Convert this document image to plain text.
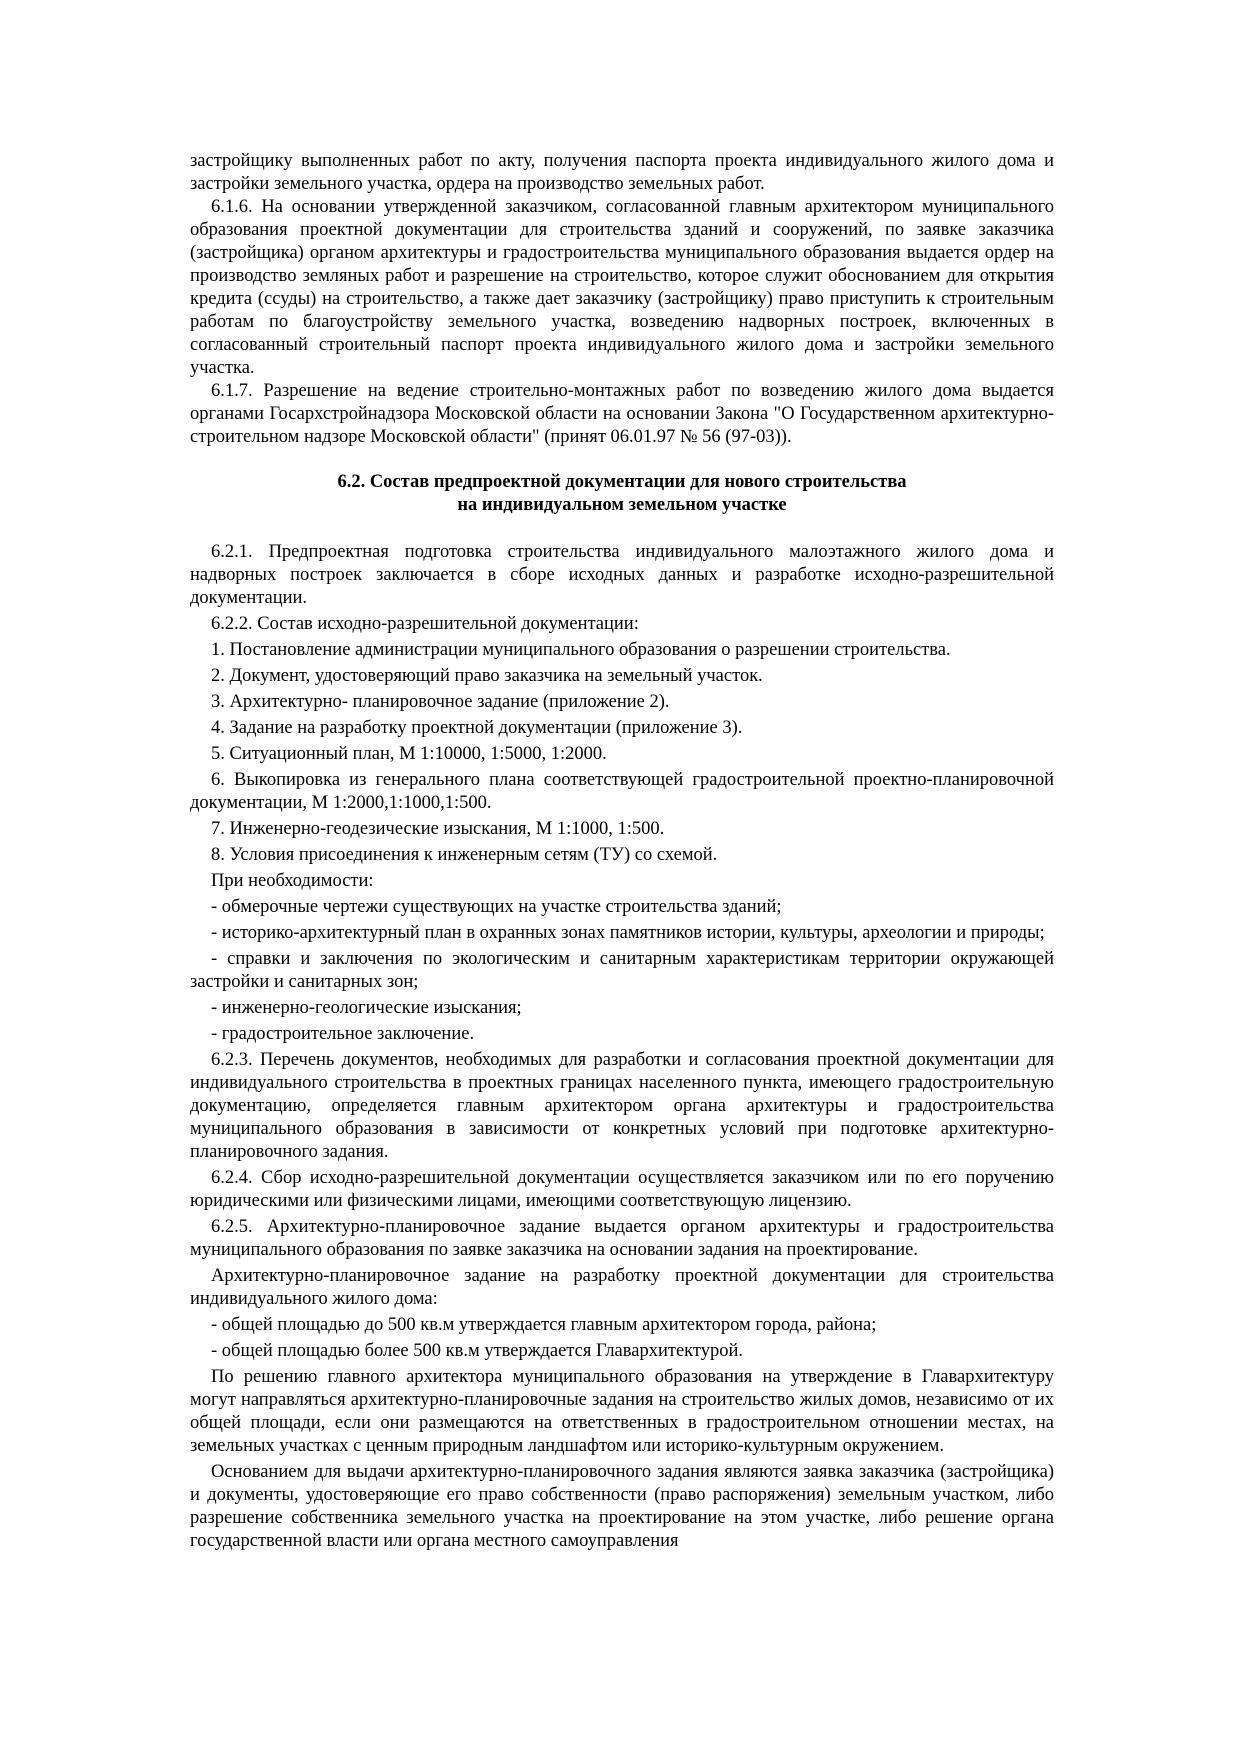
застройщику выполненных работ по акту, получения паспорта проекта индивидуального жилого дома и застройки земельного участка, ордера на производство земельных работ.

6.1.6. На основании утвержденной заказчиком, согласованной главным архитектором муниципального образования проектной документации для строительства зданий и сооружений, по заявке заказчика (застройщика) органом архитектуры и градостроительства муниципального образования выдается ордер на производство земляных работ и разрешение на строительство, которое служит обоснованием для открытия кредита (ссуды) на строительство, а также дает заказчику (застройщику) право приступить к строительным работам по благоустройству земельного участка, возведению надворных построек, включенных в согласованный строительный паспорт проекта индивидуального жилого дома и застройки земельного участка.

6.1.7. Разрешение на ведение строительно-монтажных работ по возведению жилого дома выдается органами Госархстройнадзора Московской области на основании Закона "О Государственном архитектурно- строительном надзоре Московской области" (принят 06.01.97 № 56 (97-03)).

6.2. Состав предпроектной документации для нового строительства
на индивидуальном земельном участке

6.2.1. Предпроектная подготовка строительства индивидуального малоэтажного жилого дома и надворных построек заключается в сборе исходных данных и разработке исходно-разрешительной документации.

6.2.2. Состав исходно-разрешительной документации:

1. Постановление администрации муниципального образования о разрешении строительства.

2. Документ, удостоверяющий право заказчика на земельный участок.

3. Архитектурно- планировочное задание (приложение 2).

4. Задание на разработку проектной документации (приложение 3).

5. Ситуационный план, М 1:10000, 1:5000, 1:2000.

6. Выкопировка из генерального плана соответствующей градостроительной проектно-планировочной документации, М 1:2000,1:1000,1:500.

7. Инженерно-геодезические изыскания, М 1:1000, 1:500.

8. Условия присоединения к инженерным сетям (ТУ) со схемой.

При необходимости:

- обмерочные чертежи существующих на участке строительства зданий;

- историко-архитектурный план в охранных зонах памятников истории, культуры, археологии и природы;

- справки и заключения по экологическим и санитарным характеристикам территории окружающей застройки и санитарных зон;

- инженерно-геологические изыскания;

- градостроительное заключение.

6.2.3. Перечень документов, необходимых для разработки и согласования проектной документации для индивидуального строительства в проектных границах населенного пункта, имеющего градостроительную документацию, определяется главным архитектором органа архитектуры и градостроительства муниципального образования в зависимости от конкретных условий при подготовке архитектурно-планировочного задания.

6.2.4. Сбор исходно-разрешительной документации осуществляется заказчиком или по его поручению юридическими или физическими лицами, имеющими соответствующую лицензию.

6.2.5. Архитектурно-планировочное задание выдается органом архитектуры и градостроительства муниципального образования по заявке заказчика на основании задания на проектирование.

Архитектурно-планировочное задание на разработку проектной документации для строительства индивидуального жилого дома:

- общей площадью до 500 кв.м утверждается главным архитектором города, района;

- общей площадью более 500 кв.м утверждается Главархитектурой.

По решению главного архитектора муниципального образования на утверждение в Главархитектуру могут направляться архитектурно-планировочные задания на строительство жилых домов, независимо от их общей площади, если они размещаются на ответственных в градостроительном отношении местах, на земельных участках с ценным природным ландшафтом или историко-культурным окружением.

Основанием для выдачи архитектурно-планировочного задания являются заявка заказчика (застройщика) и документы, удостоверяющие его право собственности (право распоряжения) земельным участком, либо разрешение собственника земельного участка на проектирование на этом участке, либо решение органа государственной власти или органа местного самоуправления
